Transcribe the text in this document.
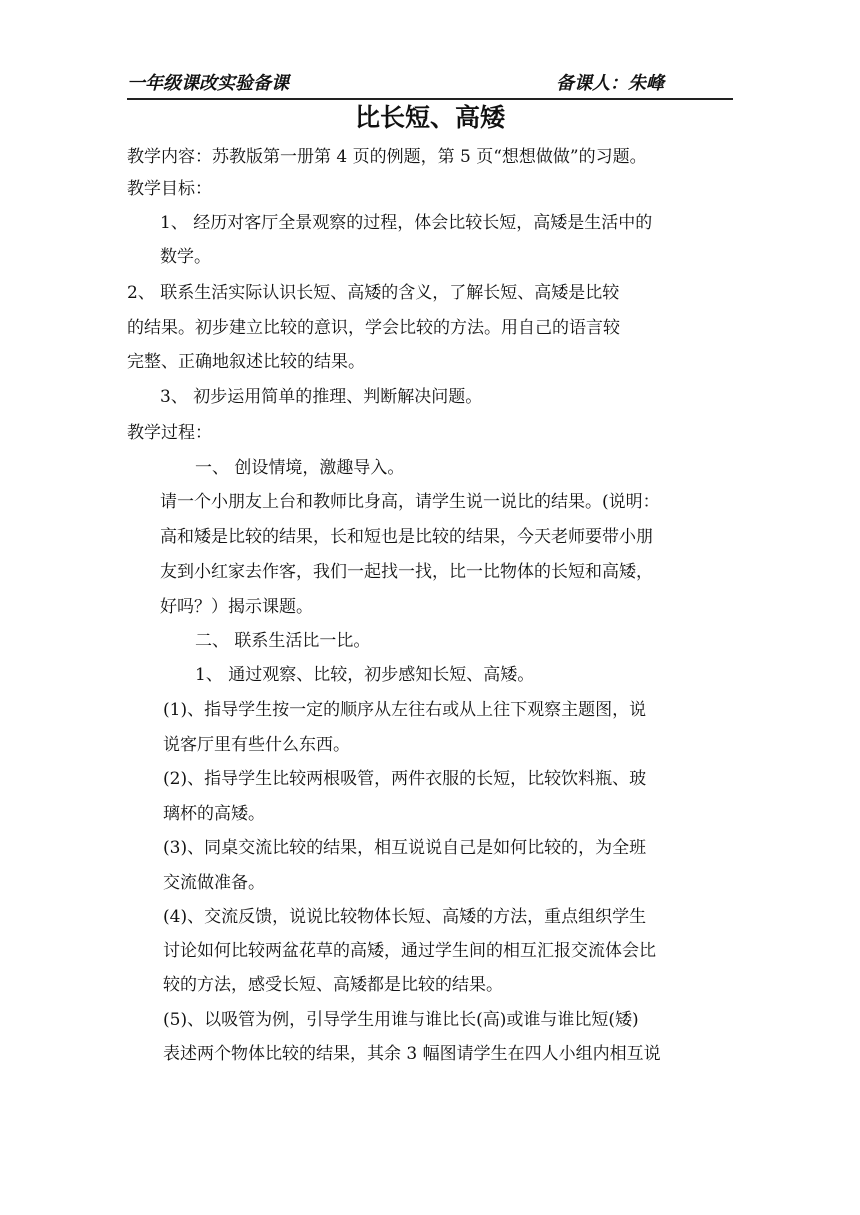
一年级课改实验备课	备课人：朱峰
比长短、高矮
教学内容：苏教版第一册第 4 页的例题，第 5 页“想想做做”的习题。
教学目标：
1、 经历对客厅全景观察的过程，体会比较长短，高矮是生活中的
数学。
2、 联系生活实际认识长短、高矮的含义，了解长短、高矮是比较
的结果。初步建立比较的意识，学会比较的方法。用自己的语言较
完整、正确地叙述比较的结果。
3、 初步运用简单的推理、判断解决问题。
教学过程：
一、 创设情境，激趣导入。
请一个小朋友上台和教师比身高，请学生说一说比的结果。(说明：
高和矮是比较的结果，长和短也是比较的结果，今天老师要带小朋
友到小红家去作客，我们一起找一找，比一比物体的长短和高矮，
好吗？）揭示课题。
二、 联系生活比一比。
1、 通过观察、比较，初步感知长短、高矮。
(1)、指导学生按一定的顺序从左往右或从上往下观察主题图，说
说客厅里有些什么东西。
(2)、指导学生比较两根吸管，两件衣服的长短，比较饮料瓶、玻
璃杯的高矮。
(3)、同桌交流比较的结果，相互说说自己是如何比较的，为全班
交流做准备。
(4)、交流反馈，说说比较物体长短、高矮的方法，重点组织学生
讨论如何比较两盆花草的高矮，通过学生间的相互汇报交流体会比
较的方法，感受长短、高矮都是比较的结果。
(5)、以吸管为例，引导学生用谁与谁比长(高)或谁与谁比短(矮)
表述两个物体比较的结果，其余 3 幅图请学生在四人小组内相互说
